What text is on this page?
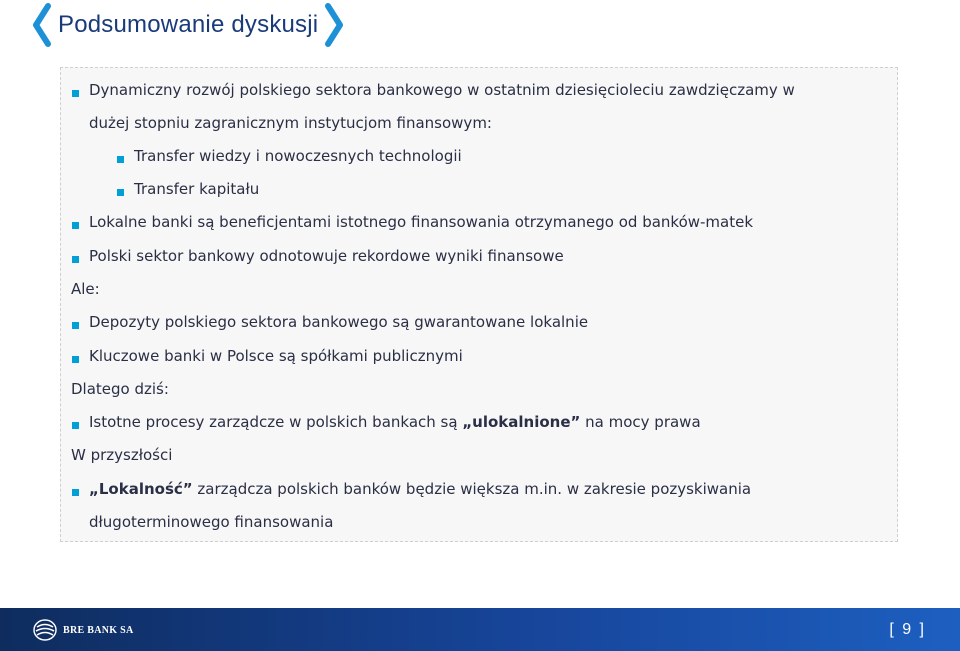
Podsumowanie dyskusji
Dynamiczny rozwój polskiego sektora bankowego w ostatnim dziesięcioleciu zawdzięczamy w
dużej stopniu zagranicznym instytucjom finansowym:
Transfer wiedzy i nowoczesnych technologii
Transfer kapitału
Lokalne banki są beneficjentami istotnego finansowania otrzymanego od banków-matek
Polski sektor bankowy odnotowuje rekordowe wyniki finansowe
Ale:
Depozyty polskiego sektora bankowego są gwarantowane lokalnie
Kluczowe banki w Polsce są spółkami publicznymi
Dlatego dziś:
Istotne procesy zarządcze w polskich bankach są „ulokalnione” na mocy prawa
W przyszłości
„Lokalność” zarządcza polskich banków będzie większa m.in. w zakresie pozyskiwania
długoterminowego finansowania
BRE BANK SA	[ 9 ]
